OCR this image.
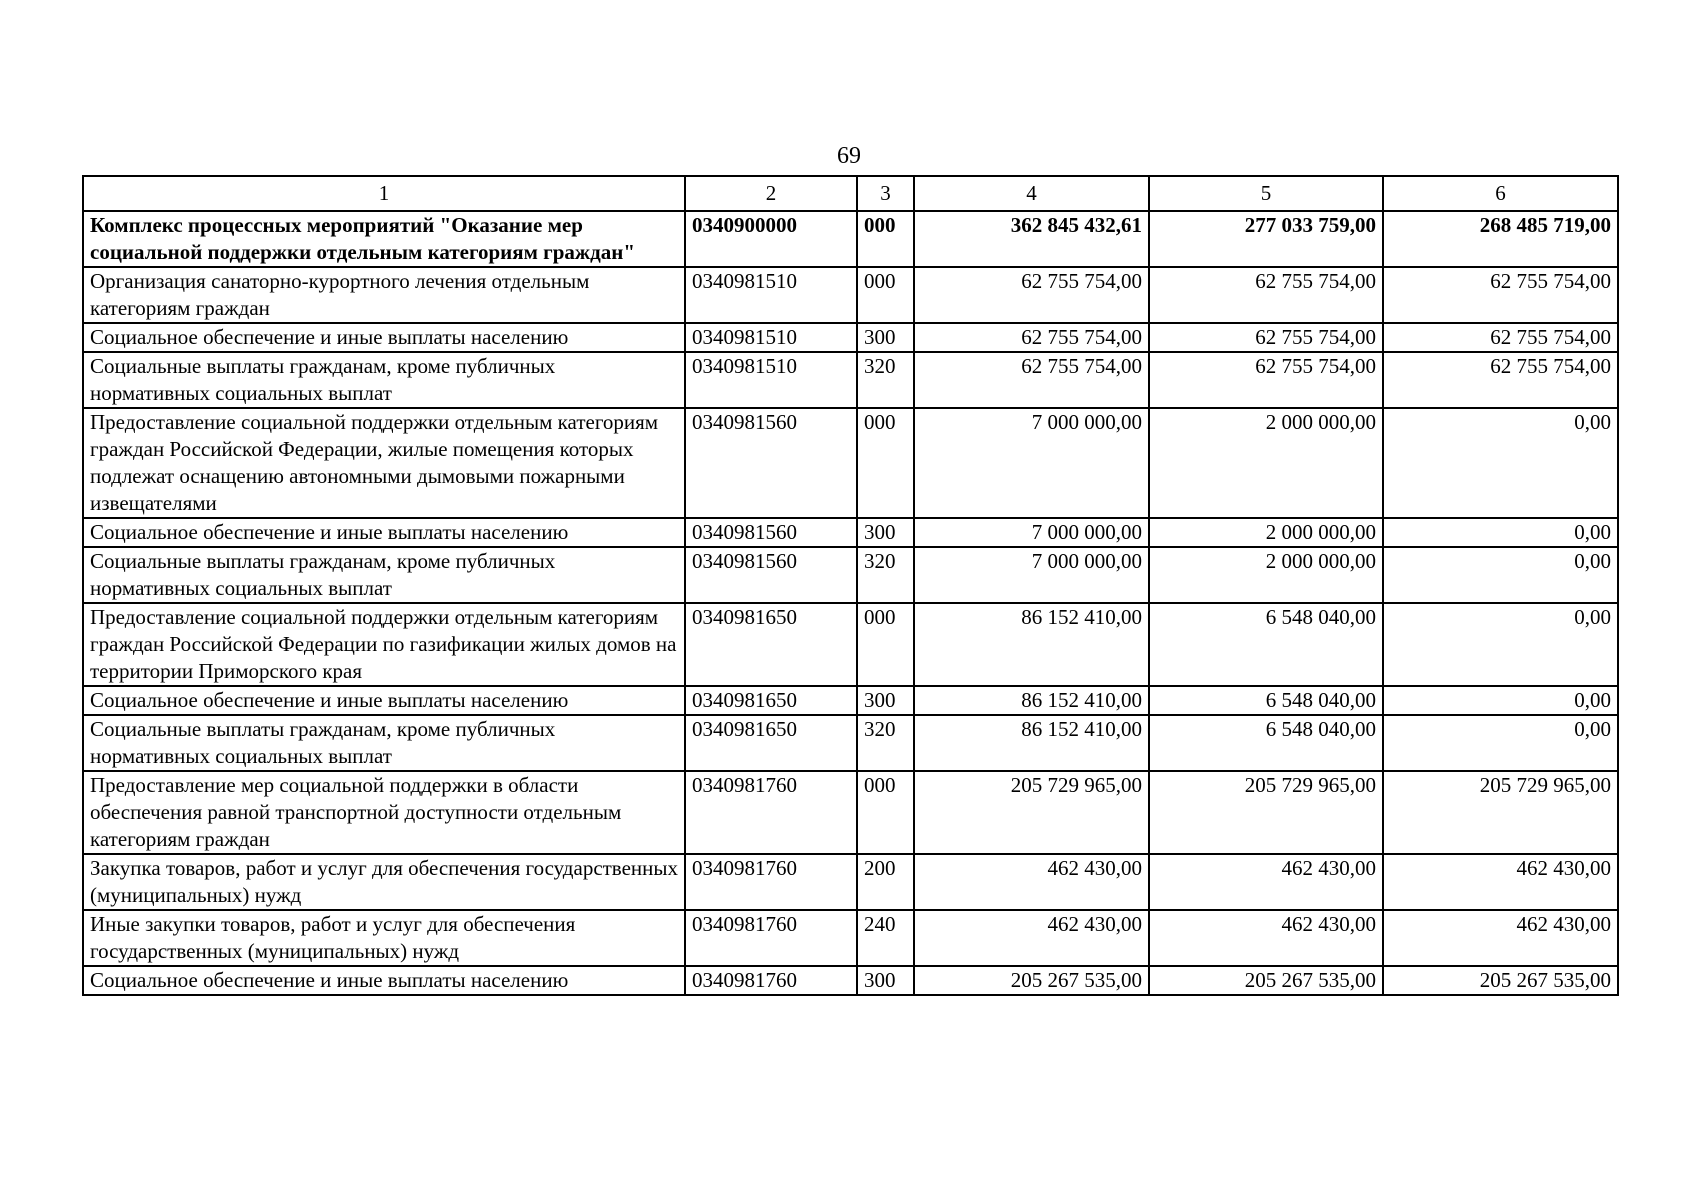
69
1	2	3	4	5	6
Комплекс процессных мероприятий "Оказание мер социальной поддержки отдельным категориям граждан"	0340900000	000	362 845 432,61	277 033 759,00	268 485 719,00
Организация санаторно-курортного лечения отдельным категориям граждан	0340981510	000	62 755 754,00	62 755 754,00	62 755 754,00
Социальное обеспечение и иные выплаты населению	0340981510	300	62 755 754,00	62 755 754,00	62 755 754,00
Социальные выплаты гражданам, кроме публичных нормативных социальных выплат	0340981510	320	62 755 754,00	62 755 754,00	62 755 754,00
Предоставление социальной поддержки отдельным категориям граждан Российской Федерации, жилые помещения которых подлежат оснащению автономными дымовыми пожарными извещателями	0340981560	000	7 000 000,00	2 000 000,00	0,00
Социальное обеспечение и иные выплаты населению	0340981560	300	7 000 000,00	2 000 000,00	0,00
Социальные выплаты гражданам, кроме публичных нормативных социальных выплат	0340981560	320	7 000 000,00	2 000 000,00	0,00
Предоставление социальной поддержки отдельным категориям граждан Российской Федерации по газификации жилых домов на территории Приморского края	0340981650	000	86 152 410,00	6 548 040,00	0,00
Социальное обеспечение и иные выплаты населению	0340981650	300	86 152 410,00	6 548 040,00	0,00
Социальные выплаты гражданам, кроме публичных нормативных социальных выплат	0340981650	320	86 152 410,00	6 548 040,00	0,00
Предоставление мер социальной поддержки в области обеспечения равной транспортной доступности отдельным категориям граждан	0340981760	000	205 729 965,00	205 729 965,00	205 729 965,00
Закупка товаров, работ и услуг для обеспечения государственных (муниципальных) нужд	0340981760	200	462 430,00	462 430,00	462 430,00
Иные закупки товаров, работ и услуг для обеспечения государственных (муниципальных) нужд	0340981760	240	462 430,00	462 430,00	462 430,00
Социальное обеспечение и иные выплаты населению	0340981760	300	205 267 535,00	205 267 535,00	205 267 535,00
